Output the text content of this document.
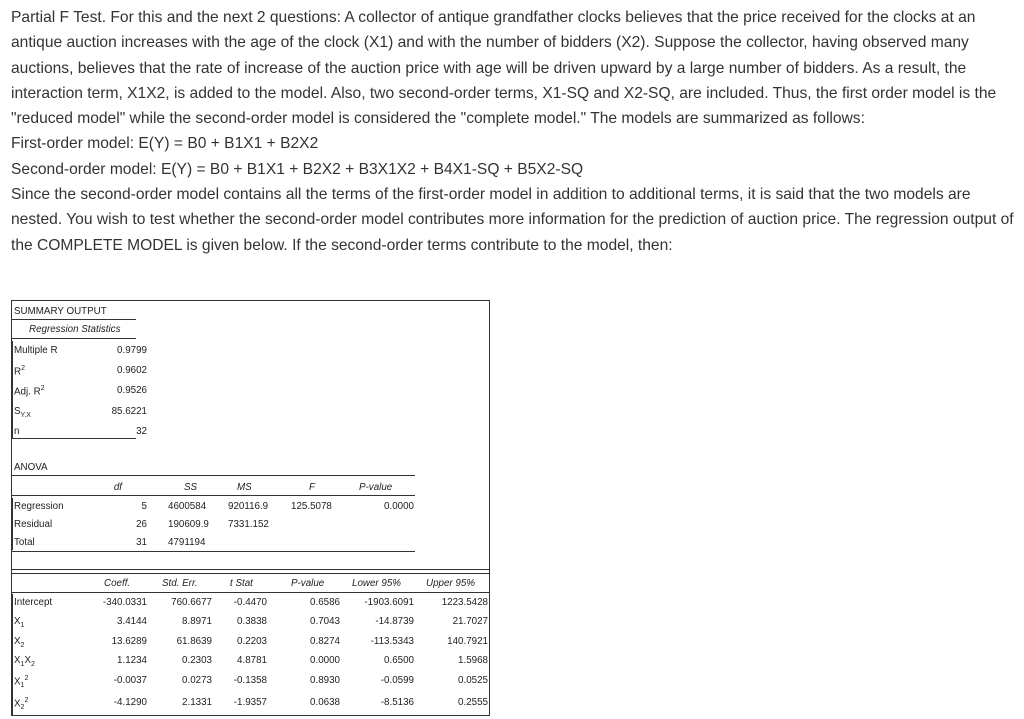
Partial F Test. For this and the next 2 questions: A collector of antique grandfather clocks believes that the price received for the clocks at an antique auction increases with the age of the clock (X1) and with the number of bidders (X2). Suppose the collector, having observed many auctions, believes that the rate of increase of the auction price with age will be driven upward by a large number of bidders. As a result, the interaction term, X1X2, is added to the model. Also, two second-order terms, X1-SQ and X2-SQ, are included. Thus, the first order model is the "reduced model" while the second-order model is considered the "complete model." The models are summarized as follows:

First-order model: E(Y) = B0 + B1X1 + B2X2

Second-order model: E(Y) = B0 + B1X1 + B2X2 + B3X1X2 + B4X1-SQ + B5X2-SQ

Since the second-order model contains all the terms of the first-order model in addition to additional terms, it is said that the two models are nested. You wish to test whether the second-order model contributes more information for the prediction of auction price. The regression output of the COMPLETE MODEL is given below. If the second-order terms contribute to the model, then:

SUMMARY OUTPUT
Regression Statistics
Multiple R	0.9799
$R^2$	0.9602
Adj. $R^2$	0.9526
$S_{Y.X}$	85.6221
n	32
ANOVA
df	SS	MS	F	P-value
Regression	5 4600584 920116.9 125.5078	0.0000
Residual	26 190609.9 7331.152
Total	31 4791194
Coeff.	Std. Err.	t Stat	P-value	Lower 95%	Upper 95%
Intercept	-340.0331	760.6677	-0.4470	0.6586	-1903.6091	1223.5428
$X_1$	3.4144	8.8971	0.3838	0.7043	-14.8739	21.7027
$X_2$	13.6289	61.8639	0.2203	0.8274	-113.5343	140.7921
$X_1X_2$	1.1234	0.2303	4.8781	0.0000	0.6500	1.5968
$X_1^2$	-0.0037	0.0273	-0.1358	0.8930	-0.0599	0.0525
$X_2^2$	-4.1290	2.1331	-1.9357	0.0638	-8.5136	0.2555
